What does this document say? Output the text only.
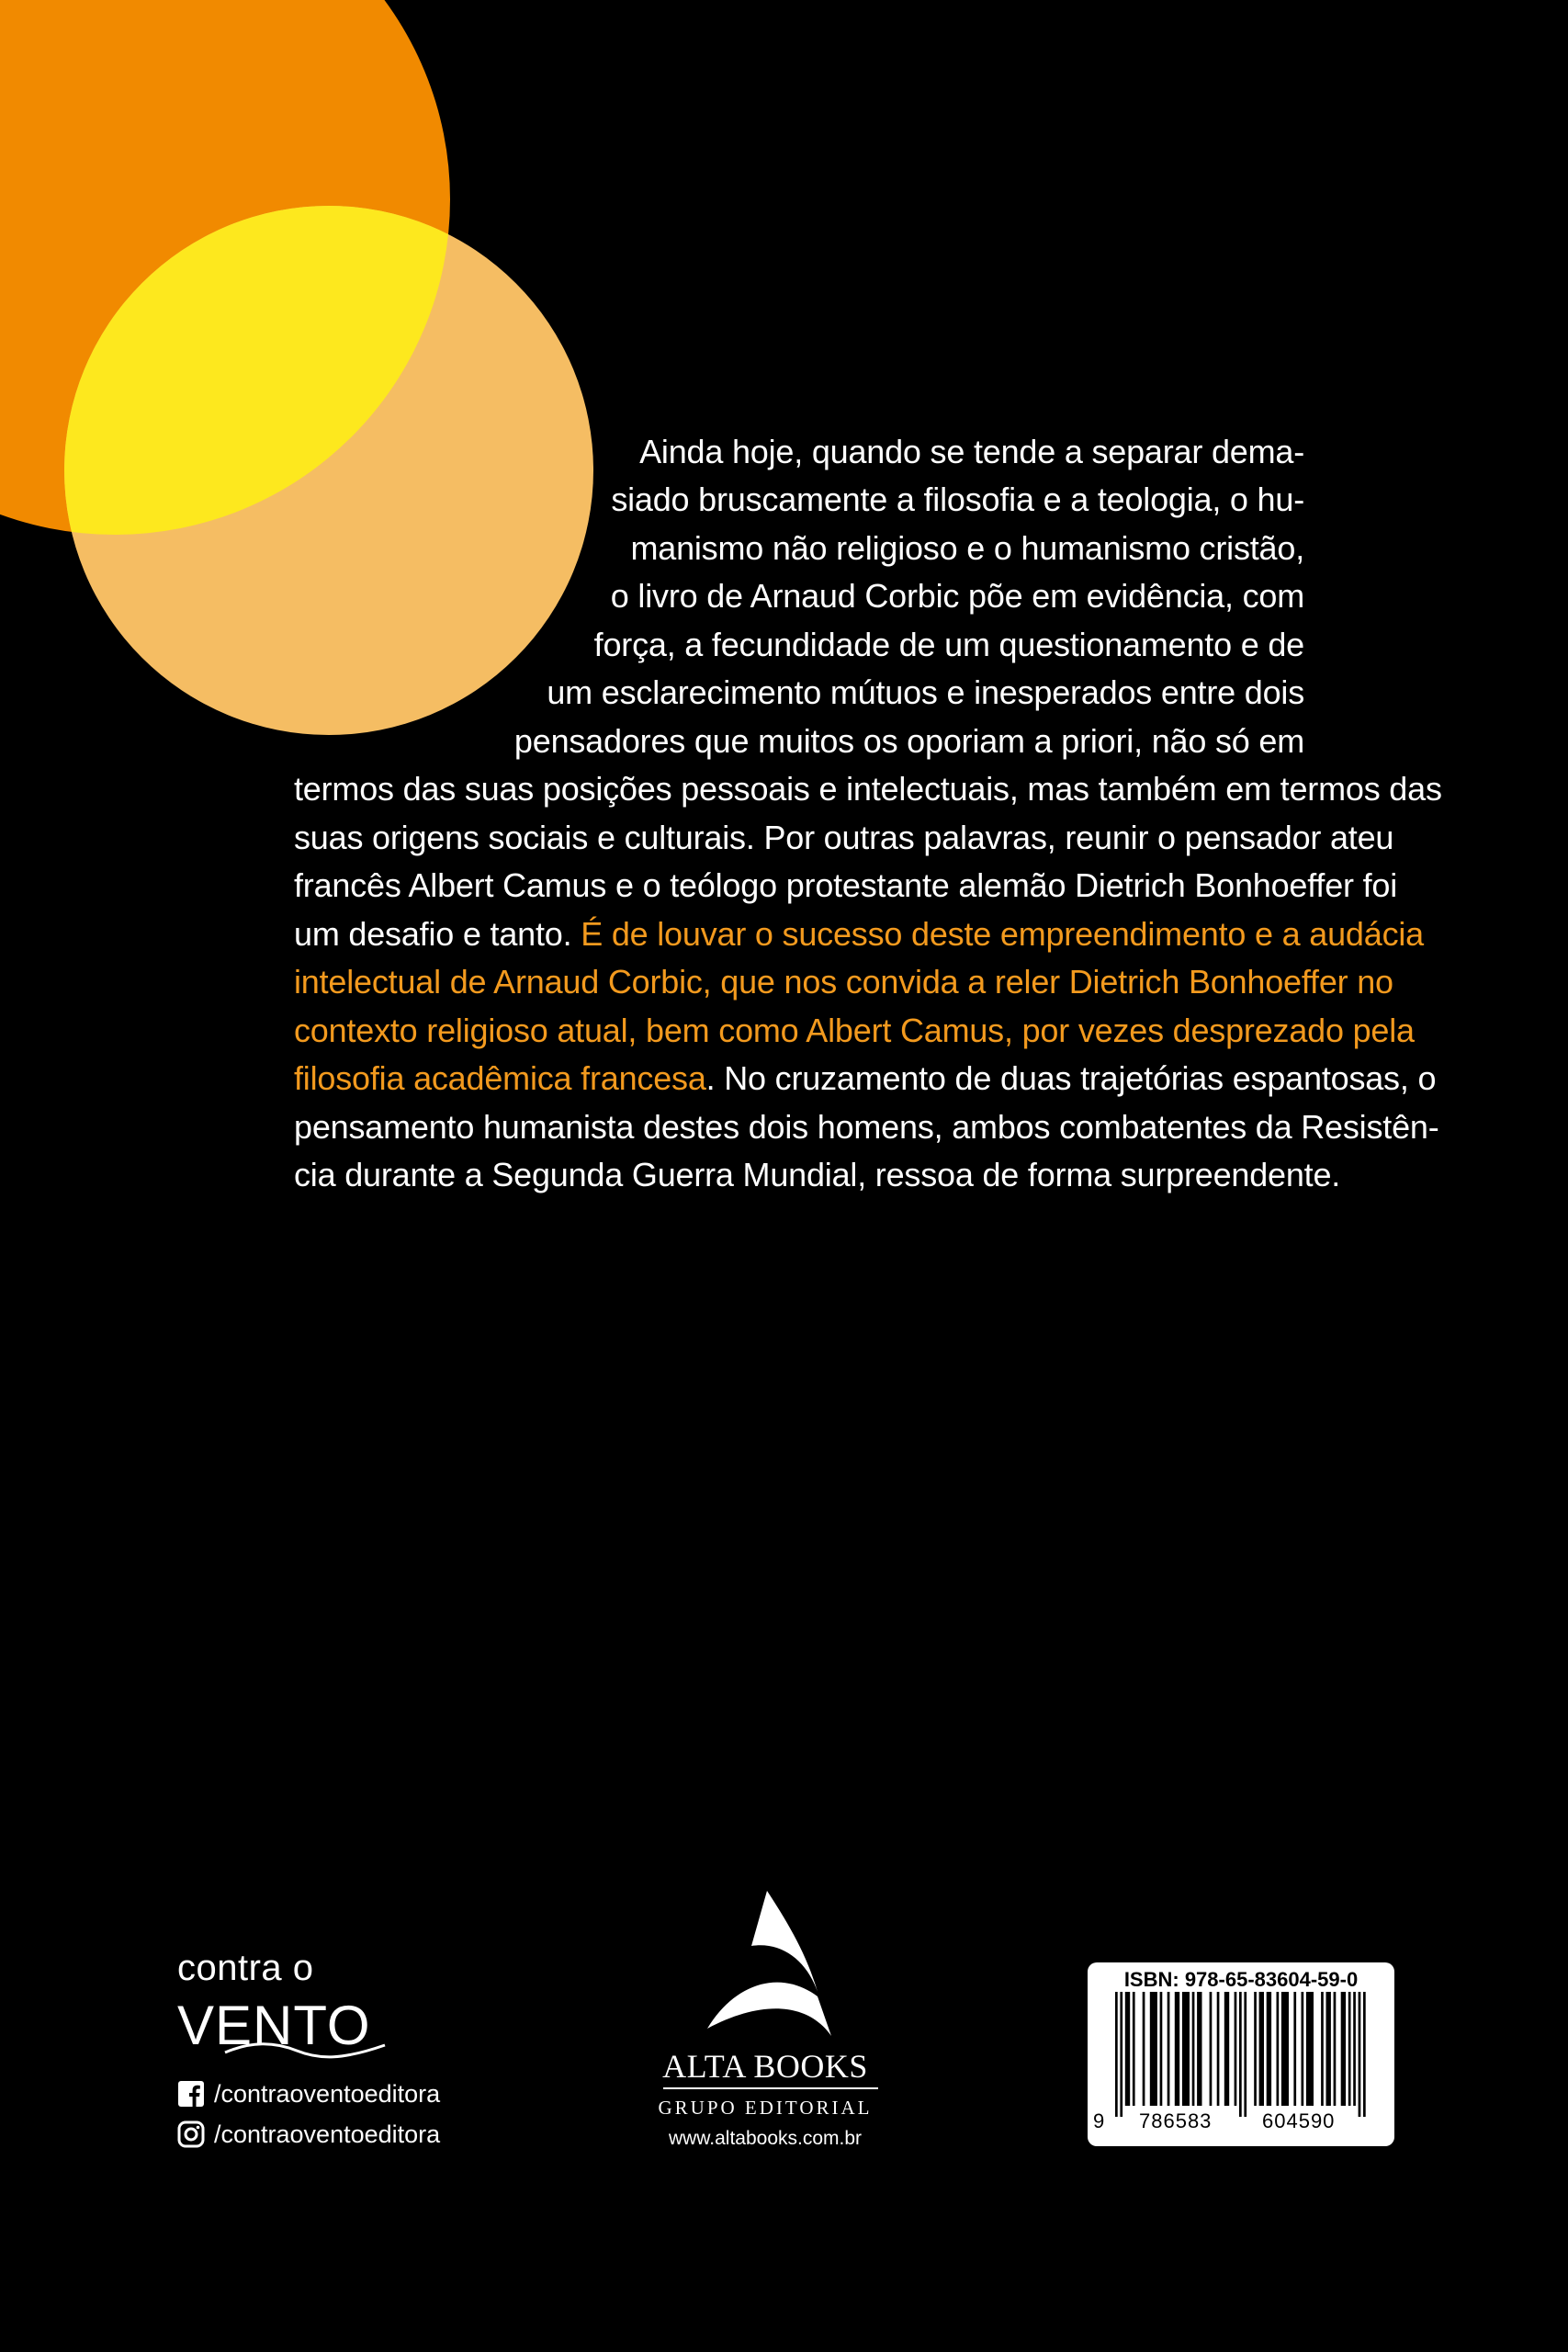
Ainda hoje, quando se tende a separar dema-
siado bruscamente a filosofia e a teologia, o hu-
manismo não religioso e o humanismo cristão,
o livro de Arnaud Corbic põe em evidência, com
força, a fecundidade de um questionamento e de
um esclarecimento mútuos e inesperados entre dois
pensadores que muitos os oporiam a priori, não só em
termos das suas posições pessoais e intelectuais, mas também em termos das
suas origens sociais e culturais. Por outras palavras, reunir o pensador ateu
francês Albert Camus e o teólogo protestante alemão Dietrich Bonhoeffer foi
um desafio e tanto. É de louvar o sucesso deste empreendimento e a audácia
intelectual de Arnaud Corbic, que nos convida a reler Dietrich Bonhoeffer no
contexto religioso atual, bem como Albert Camus, por vezes desprezado pela
filosofia acadêmica francesa. No cruzamento de duas trajetórias espantosas, o
pensamento humanista destes dois homens, ambos combatentes da Resistên-
cia durante a Segunda Guerra Mundial, ressoa de forma surpreendente.
contra o
VENTO
/contraoventoeditora
/contraoventoeditora
ALTA BOOKS
GRUPO EDITORIAL
www.altabooks.com.br
ISBN: 978-65-83604-59-0
9 786583 604590
